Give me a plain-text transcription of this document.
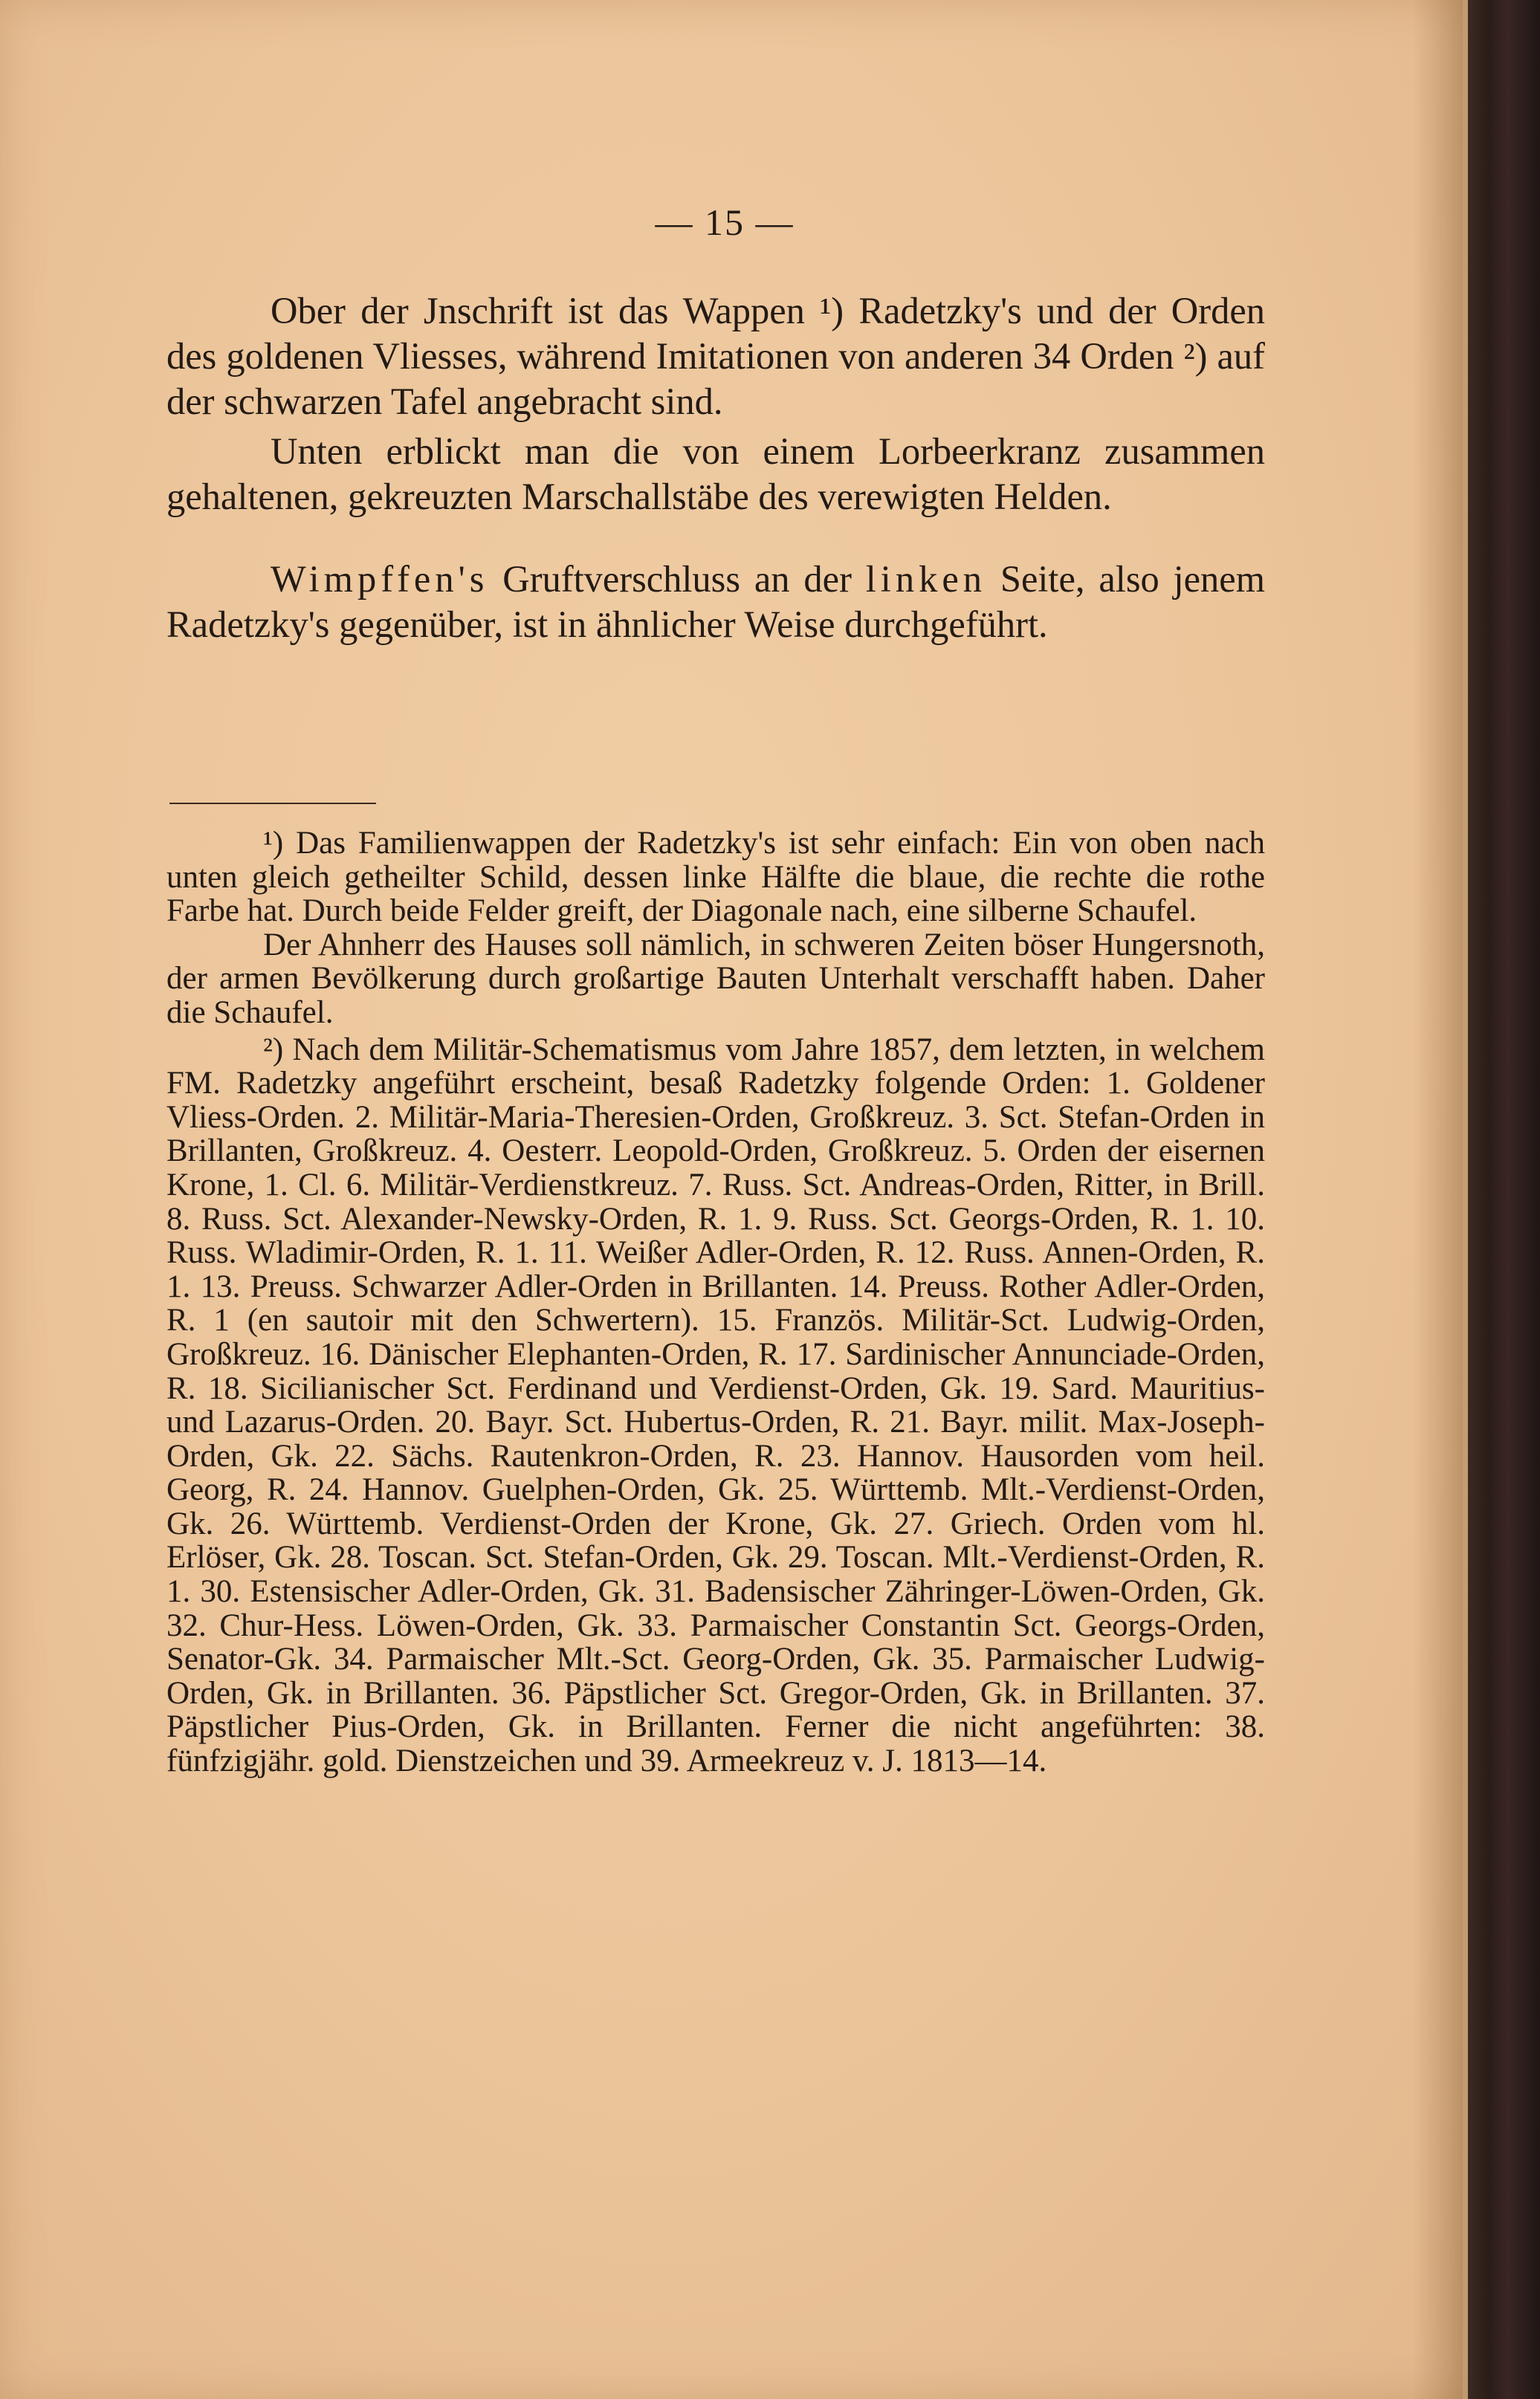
— 15 —

Ober der Jnschrift ist das Wappen ¹) Radetzky's und der Orden des goldenen Vliesses, während Imitationen von anderen 34 Orden ²) auf der schwarzen Tafel angebracht sind.

Unten erblickt man die von einem Lorbeerkranz zusammen gehaltenen, gekreuzten Marschallstäbe des verewigten Helden.

Wimpffen's Gruftverschluss an der linken Seite, also jenem Radetzky's gegenüber, ist in ähnlicher Weise durchgeführt.

¹) Das Familienwappen der Radetzky's ist sehr einfach: Ein von oben nach unten gleich getheilter Schild, dessen linke Hälfte die blaue, die rechte die rothe Farbe hat. Durch beide Felder greift, der Diagonale nach, eine silberne Schaufel.

Der Ahnherr des Hauses soll nämlich, in schweren Zeiten böser Hungersnoth, der armen Bevölkerung durch großartige Bauten Unterhalt verschafft haben. Daher die Schaufel.

²) Nach dem Militär-Schematismus vom Jahre 1857, dem letzten, in welchem FM. Radetzky angeführt erscheint, besaß Radetzky folgende Orden: 1. Goldener Vliess-Orden. 2. Militär-Maria-Theresien-Orden, Großkreuz. 3. Sct. Stefan-Orden in Brillanten, Großkreuz. 4. Oesterr. Leopold-Orden, Großkreuz. 5. Orden der eisernen Krone, 1. Cl. 6. Militär-Verdienstkreuz. 7. Russ. Sct. Andreas-Orden, Ritter, in Brill. 8. Russ. Sct. Alexander-Newsky-Orden, R. 1. 9. Russ. Sct. Georgs-Orden, R. 1. 10. Russ. Wladimir-Orden, R. 1. 11. Weißer Adler-Orden, R. 12. Russ. Annen-Orden, R. 1. 13. Preuss. Schwarzer Adler-Orden in Brillanten. 14. Preuss. Rother Adler-Orden, R. 1 (en sautoir mit den Schwertern). 15. Französ. Militär-Sct. Ludwig-Orden, Großkreuz. 16. Dänischer Elephanten-Orden, R. 17. Sardinischer Annunciade-Orden, R. 18. Sicilianischer Sct. Ferdinand und Verdienst-Orden, Gk. 19. Sard. Mauritius- und Lazarus-Orden. 20. Bayr. Sct. Hubertus-Orden, R. 21. Bayr. milit. Max-Joseph-Orden, Gk. 22. Sächs. Rautenkron-Orden, R. 23. Hannov. Hausorden vom heil. Georg, R. 24. Hannov. Guelphen-Orden, Gk. 25. Württemb. Mlt.-Verdienst-Orden, Gk. 26. Württemb. Verdienst-Orden der Krone, Gk. 27. Griech. Orden vom hl. Erlöser, Gk. 28. Toscan. Sct. Stefan-Orden, Gk. 29. Toscan. Mlt.-Verdienst-Orden, R. 1. 30. Estensischer Adler-Orden, Gk. 31. Badensischer Zähringer-Löwen-Orden, Gk. 32. Chur-Hess. Löwen-Orden, Gk. 33. Parmaischer Constantin Sct. Georgs-Orden, Senator-Gk. 34. Parmaischer Mlt.-Sct. Georg-Orden, Gk. 35. Parmaischer Ludwig-Orden, Gk. in Brillanten. 36. Päpstlicher Sct. Gregor-Orden, Gk. in Brillanten. 37. Päpstlicher Pius-Orden, Gk. in Brillanten. Ferner die nicht angeführten: 38. fünfzigjähr. gold. Dienstzeichen und 39. Armeekreuz v. J. 1813—14.
